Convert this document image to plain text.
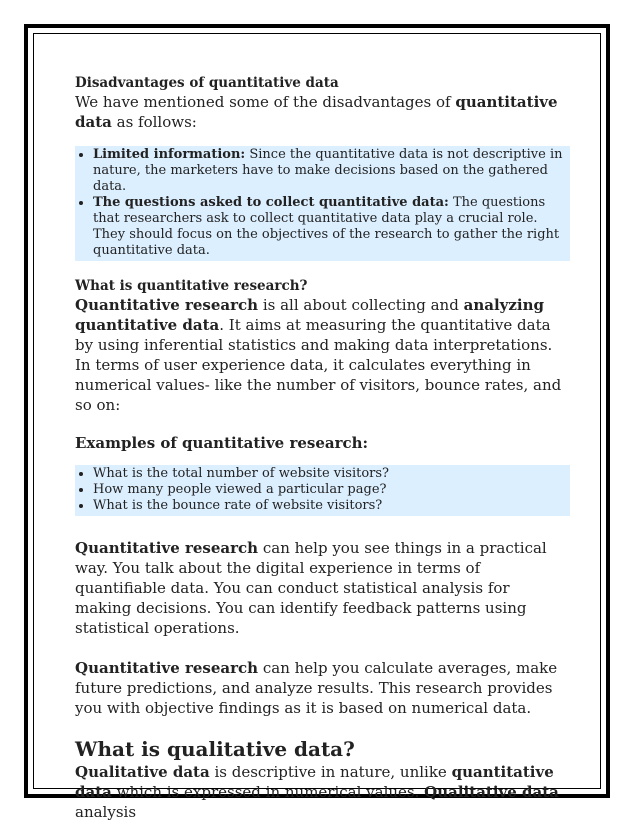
Disadvantages of quantitative data

We have mentioned some of the disadvantages of quantitative data as follows:

• Limited information: Since the quantitative data is not descriptive in nature, the marketers have to make decisions based on the gathered data.
• The questions asked to collect quantitative data: The questions that researchers ask to collect quantitative data play a crucial role. They should focus on the objectives of the research to gather the right quantitative data.

What is quantitative research?

Quantitative research is all about collecting and analyzing quantitative data. It aims at measuring the quantitative data by using inferential statistics and making data interpretations.

In terms of user experience data, it calculates everything in numerical values- like the number of visitors, bounce rates, and so on:

Examples of quantitative research:

• What is the total number of website visitors?
• How many people viewed a particular page?
• What is the bounce rate of website visitors?

Quantitative research can help you see things in a practical way. You talk about the digital experience in terms of quantifiable data. You can conduct statistical analysis for making decisions. You can identify feedback patterns using statistical operations.

Quantitative research can help you calculate averages, make future predictions, and analyze results. This research provides you with objective findings as it is based on numerical data.

What is qualitative data?

Qualitative data is descriptive in nature, unlike quantitative data which is expressed in numerical values. Qualitative data analysis
